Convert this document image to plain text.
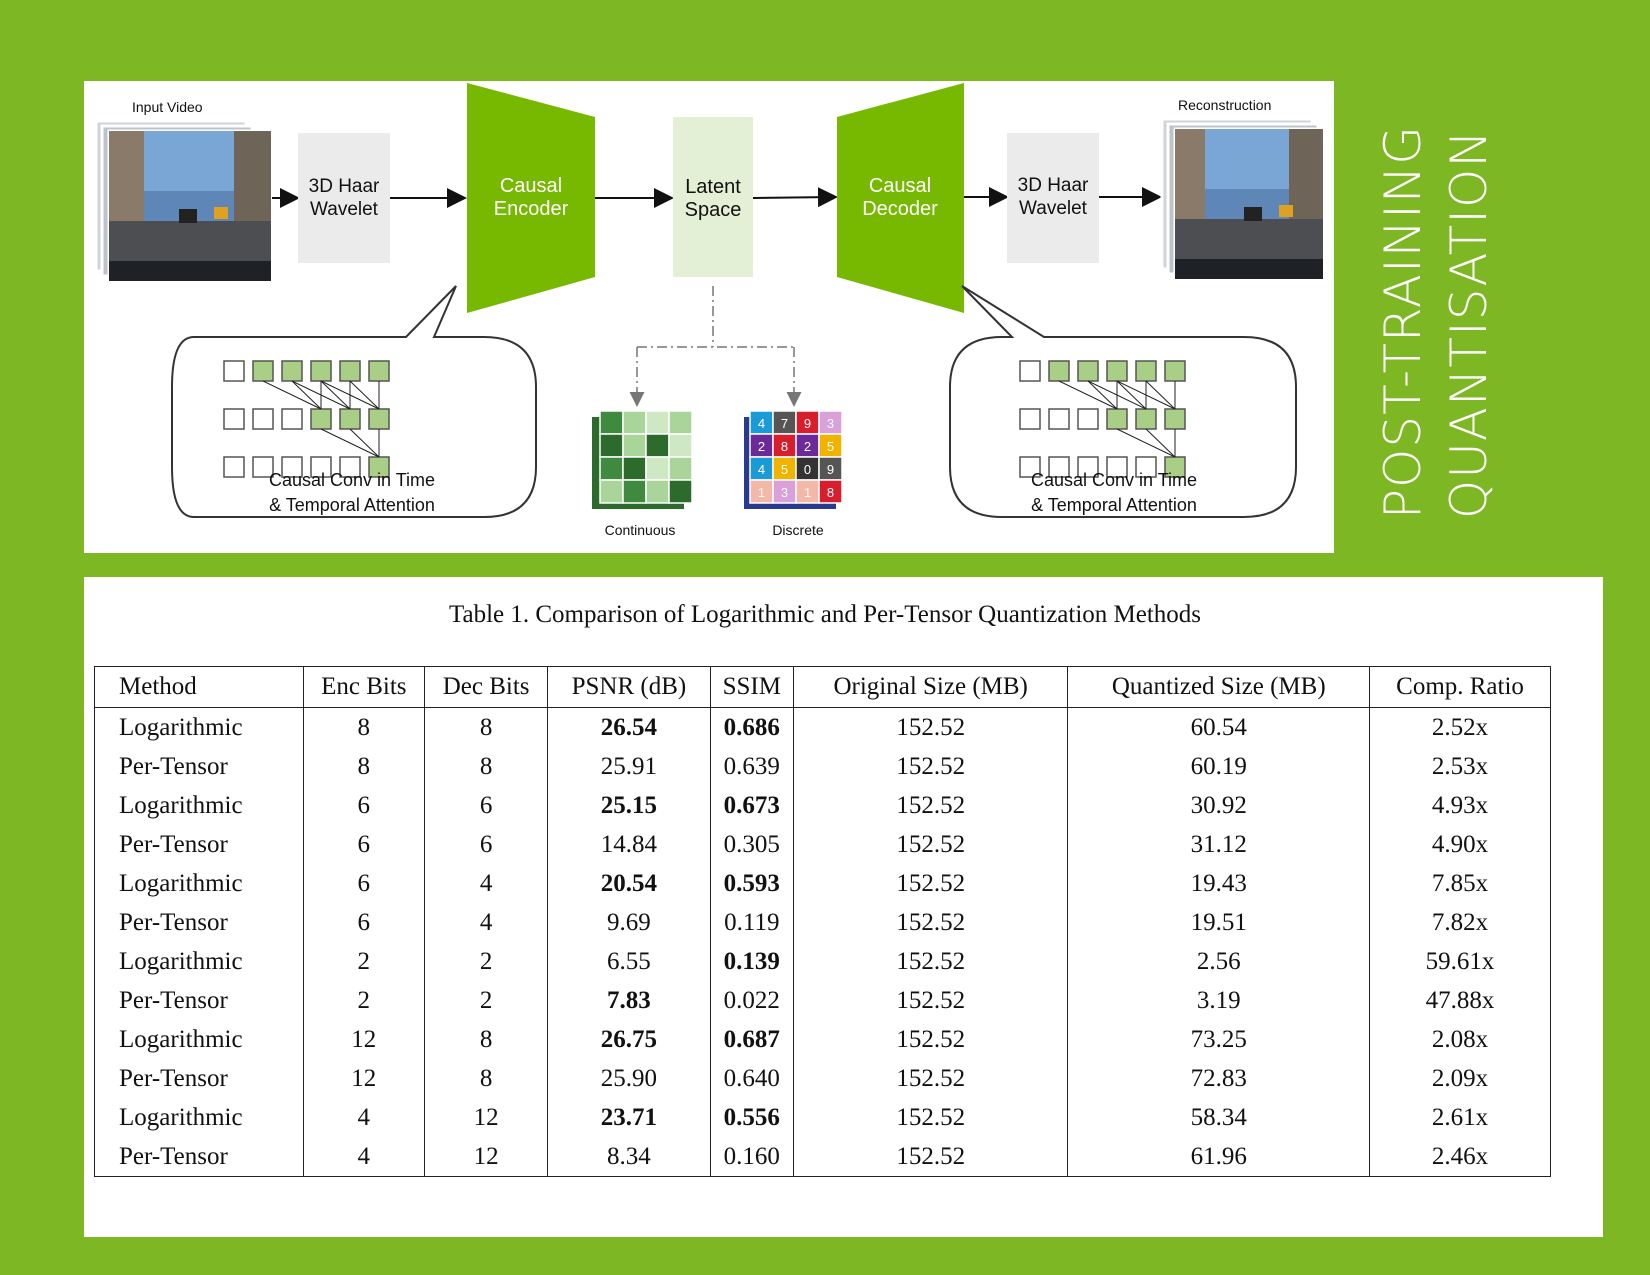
Input Video
3D Haar
Wavelet
Causal
Encoder
Latent
Space
Causal
Decoder
3D Haar
Wavelet
Reconstruction
Causal Conv in Time
& Temporal Attention
Continuous
4 7 9 3
2 8 2 5
4 5 0 9
1 3 1 8
Discrete
Causal Conv in Time
& Temporal Attention	POST-TRAINING QUANTISATION
Table 1. Comparison of Logarithmic and Per-Tensor Quantization Methods
Method	Enc Bits	Dec Bits	PSNR (dB)	SSIM	Original Size (MB)	Quantized Size (MB)	Comp. Ratio
Logarithmic	8	8	26.54	0.686	152.52	60.54	2.52x
Per-Tensor	8	8	25.91	0.639	152.52	60.19	2.53x
Logarithmic	6	6	25.15	0.673	152.52	30.92	4.93x
Per-Tensor	6	6	14.84	0.305	152.52	31.12	4.90x
Logarithmic	6	4	20.54	0.593	152.52	19.43	7.85x
Per-Tensor	6	4	9.69	0.119	152.52	19.51	7.82x
Logarithmic	2	2	6.55	0.139	152.52	2.56	59.61x
Per-Tensor	2	2	7.83	0.022	152.52	3.19	47.88x
Logarithmic	12	8	26.75	0.687	152.52	73.25	2.08x
Per-Tensor	12	8	25.90	0.640	152.52	72.83	2.09x
Logarithmic	4	12	23.71	0.556	152.52	58.34	2.61x
Per-Tensor	4	12	8.34	0.160	152.52	61.96	2.46x
